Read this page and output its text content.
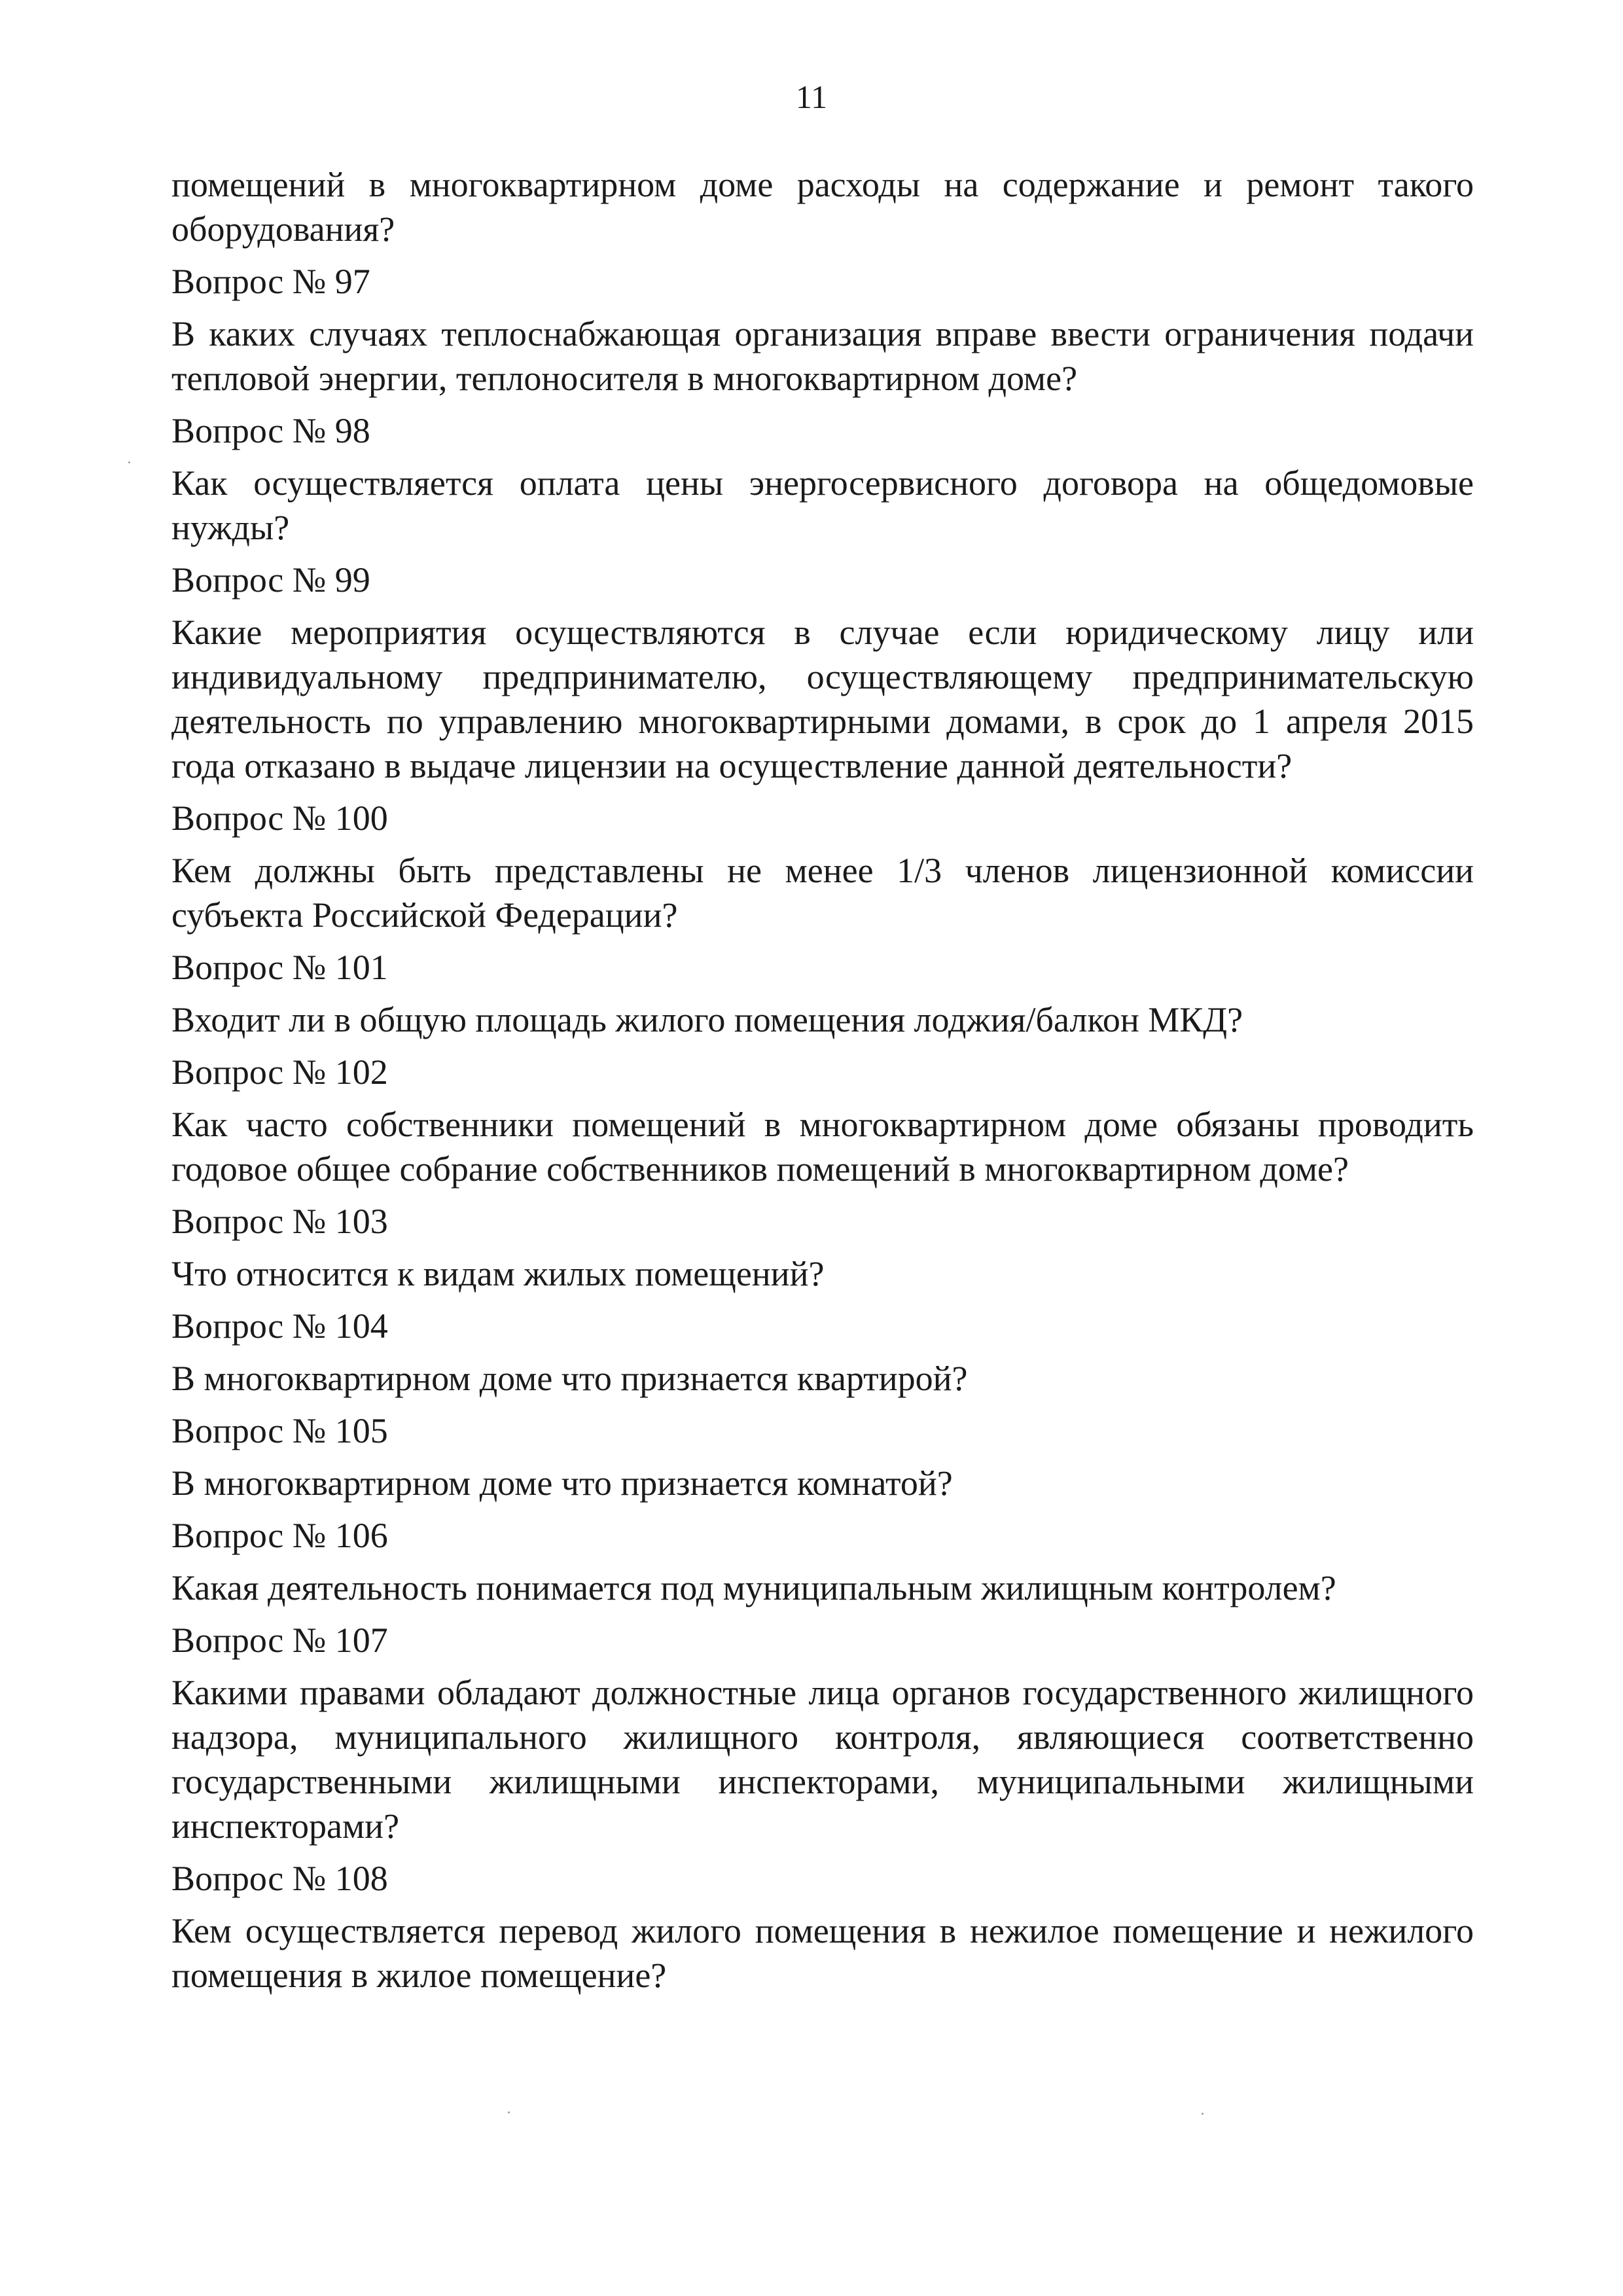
11

помещений в многоквартирном доме расходы на содержание и ремонт такого оборудования?

Вопрос № 97

В каких случаях теплоснабжающая организация вправе ввести ограничения подачи тепловой энергии, теплоносителя в многоквартирном доме?

Вопрос № 98

Как осуществляется оплата цены энергосервисного договора на общедомовые нужды?

Вопрос № 99

Какие мероприятия осуществляются в случае если юридическому лицу или индивидуальному предпринимателю, осуществляющему предпринимательскую деятельность по управлению многоквартирными домами, в срок до 1 апреля 2015 года отказано в выдаче лицензии на осуществление данной деятельности?

Вопрос № 100

Кем должны быть представлены не менее 1/3 членов лицензионной комиссии субъекта Российской Федерации?

Вопрос № 101

Входит ли в общую площадь жилого помещения лоджия/балкон МКД?

Вопрос № 102

Как часто собственники помещений в многоквартирном доме обязаны проводить годовое общее собрание собственников помещений в многоквартирном доме?

Вопрос № 103

Что относится к видам жилых помещений?

Вопрос № 104

В многоквартирном доме что признается квартирой?

Вопрос № 105

В многоквартирном доме что признается комнатой?

Вопрос № 106

Какая деятельность понимается под муниципальным жилищным контролем?

Вопрос № 107

Какими правами обладают должностные лица органов государственного жилищного надзора, муниципального жилищного контроля, являющиеся соответственно государственными жилищными инспекторами, муниципальными жилищными инспекторами?

Вопрос № 108

Кем осуществляется перевод жилого помещения в нежилое помещение и нежилого помещения в жилое помещение?
